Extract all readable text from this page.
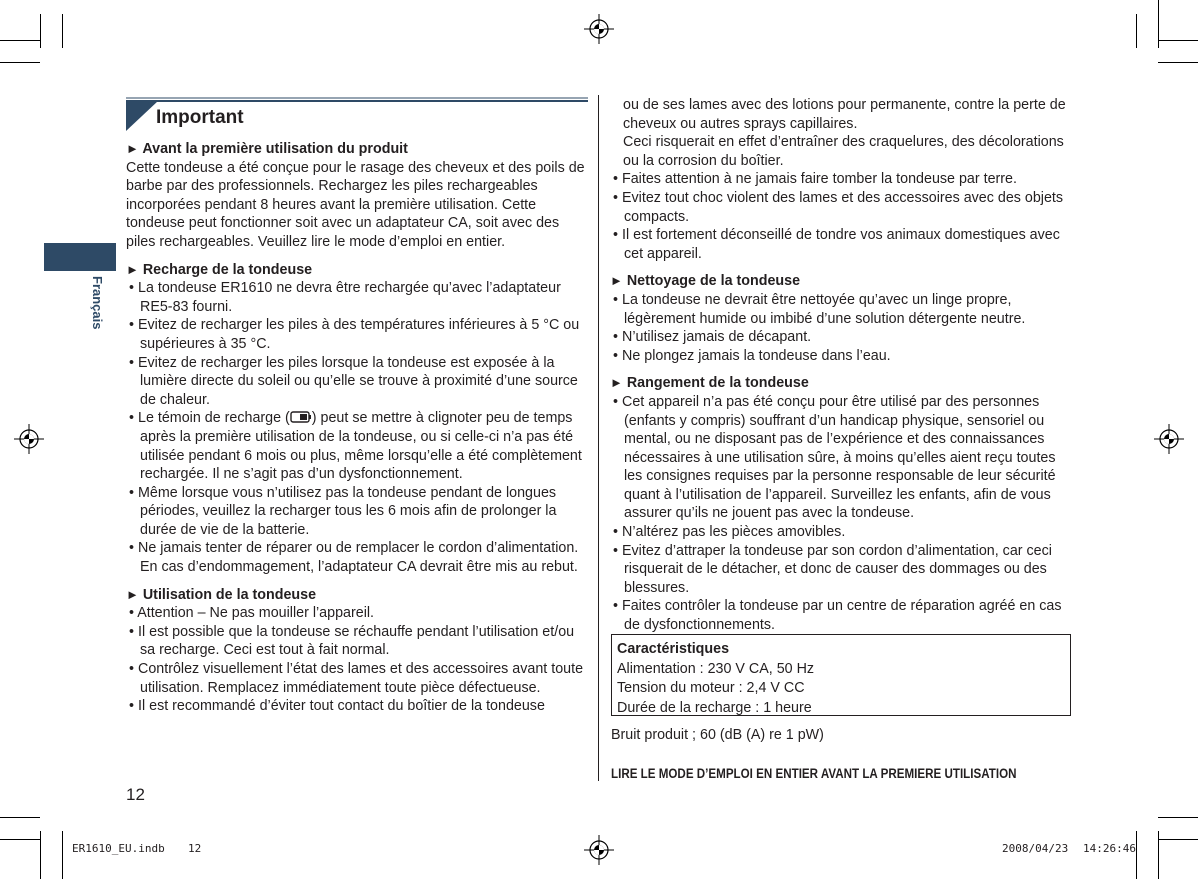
Français
Important

► Avant la première utilisation du produit

Cette tondeuse a été conçue pour le rasage des cheveux et des poils de barbe par des professionnels. Rechargez les piles rechargeables incorporées pendant 8 heures avant la première utilisation. Cette tondeuse peut fonctionner soit avec un adaptateur CA, soit avec des piles rechargeables. Veuillez lire le mode d’emploi en entier.

► Recharge de la tondeuse

• La tondeuse ER1610 ne devra être rechargée qu’avec l’adaptateur RE5-83 fourni.

• Evitez de recharger les piles à des températures inférieures à 5 °C ou supérieures à 35 °C.

• Evitez de recharger les piles lorsque la tondeuse est exposée à la lumière directe du soleil ou qu’elle se trouve à proximité d’une source de chaleur.

• Le témoin de recharge ( ) peut se mettre à clignoter peu de temps après la première utilisation de la tondeuse, ou si celle-ci n’a pas été utilisée pendant 6 mois ou plus, même lorsqu’elle a été complètement rechargée. Il ne s’agit pas d’un dysfonctionnement.

• Même lorsque vous n’utilisez pas la tondeuse pendant de longues périodes, veuillez la recharger tous les 6 mois afin de prolonger la durée de vie de la batterie.

• Ne jamais tenter de réparer ou de remplacer le cordon d’alimentation. En cas d’endommagement, l’adaptateur CA devrait être mis au rebut.

► Utilisation de la tondeuse

• Attention – Ne pas mouiller l’appareil.

• Il est possible que la tondeuse se réchauffe pendant l’utilisation et/ou sa recharge. Ceci est tout à fait normal.

• Contrôlez visuellement l’état des lames et des accessoires avant toute utilisation. Remplacez immédiatement toute pièce défectueuse.

• Il est recommandé d’éviter tout contact du boîtier de la tondeuse

12

ou de ses lames avec des lotions pour permanente, contre la perte de cheveux ou autres sprays capillaires.

Ceci risquerait en effet d’entraîner des craquelures, des décolorations ou la corrosion du boîtier.

• Faites attention à ne jamais faire tomber la tondeuse par terre.

• Evitez tout choc violent des lames et des accessoires avec des objets compacts.

• Il est fortement déconseillé de tondre vos animaux domestiques avec cet appareil.

► Nettoyage de la tondeuse

• La tondeuse ne devrait être nettoyée qu’avec un linge propre, légèrement humide ou imbibé d’une solution détergente neutre.

• N’utilisez jamais de décapant.

• Ne plongez jamais la tondeuse dans l’eau.

► Rangement de la tondeuse

• Cet appareil n’a pas été conçu pour être utilisé par des personnes (enfants y compris) souffrant d’un handicap physique, sensoriel ou mental, ou ne disposant pas de l’expérience et des connaissances nécessaires à une utilisation sûre, à moins qu’elles aient reçu toutes les consignes requises par la personne responsable de leur sécurité quant à l’utilisation de l’appareil. Surveillez les enfants, afin de vous assurer qu’ils ne jouent pas avec la tondeuse.

• N’altérez pas les pièces amovibles.

• Evitez d’attraper la tondeuse par son cordon d’alimentation, car ceci risquerait de le détacher, et donc de causer des dommages ou des blessures.

• Faites contrôler la tondeuse par un centre de réparation agréé en cas de dysfonctionnements.

Caractéristiques
Alimentation : 230 V CA, 50 Hz
Tension du moteur : 2,4 V CC
Durée de la recharge : 1 heure
Bruit produit ; 60 (dB (A) re 1 pW)
LIRE LE MODE D’EMPLOI EN ENTIER AVANT LA PREMIERE UTILISATION
ER1610_EU.indb 12	2008/04/23 14:26:46
